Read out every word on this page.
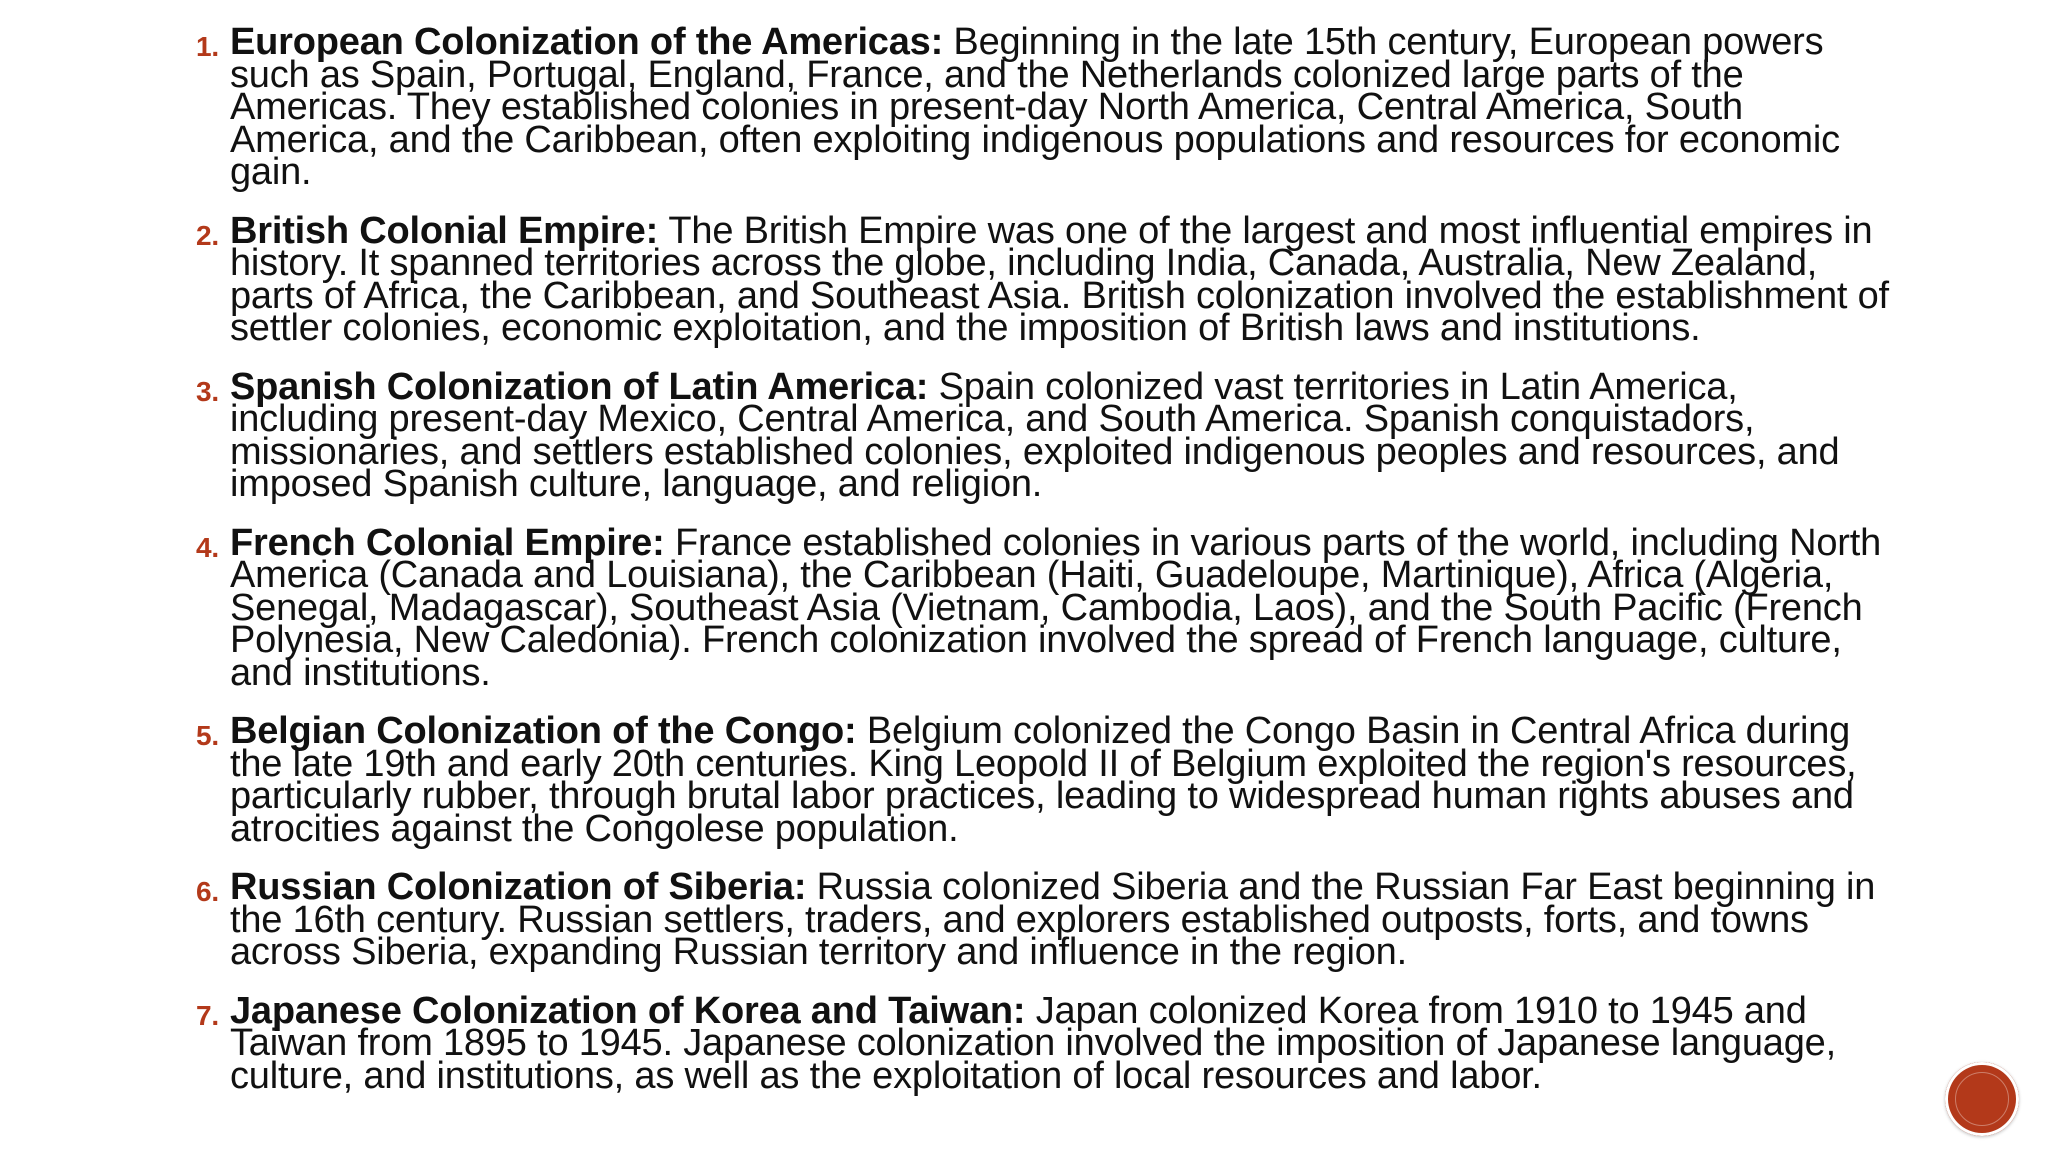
1. European Colonization of the Americas: Beginning in the late 15th century, European powers such as Spain, Portugal, England, France, and the Netherlands colonized large parts of the Americas. They established colonies in present-day North America, Central America, South America, and the Caribbean, often exploiting indigenous populations and resources for economic gain.
2. British Colonial Empire: The British Empire was one of the largest and most influential empires in history. It spanned territories across the globe, including India, Canada, Australia, New Zealand, parts of Africa, the Caribbean, and Southeast Asia. British colonization involved the establishment of settler colonies, economic exploitation, and the imposition of British laws and institutions.
3. Spanish Colonization of Latin America: Spain colonized vast territories in Latin America, including present-day Mexico, Central America, and South America. Spanish conquistadors, missionaries, and settlers established colonies, exploited indigenous peoples and resources, and imposed Spanish culture, language, and religion.
4. French Colonial Empire: France established colonies in various parts of the world, including North America (Canada and Louisiana), the Caribbean (Haiti, Guadeloupe, Martinique), Africa (Algeria, Senegal, Madagascar), Southeast Asia (Vietnam, Cambodia, Laos), and the South Pacific (French Polynesia, New Caledonia). French colonization involved the spread of French language, culture, and institutions.
5. Belgian Colonization of the Congo: Belgium colonized the Congo Basin in Central Africa during the late 19th and early 20th centuries. King Leopold II of Belgium exploited the region's resources, particularly rubber, through brutal labor practices, leading to widespread human rights abuses and atrocities against the Congolese population.
6. Russian Colonization of Siberia: Russia colonized Siberia and the Russian Far East beginning in the 16th century. Russian settlers, traders, and explorers established outposts, forts, and towns across Siberia, expanding Russian territory and influence in the region.
7. Japanese Colonization of Korea and Taiwan: Japan colonized Korea from 1910 to 1945 and Taiwan from 1895 to 1945. Japanese colonization involved the imposition of Japanese language, culture, and institutions, as well as the exploitation of local resources and labor.
